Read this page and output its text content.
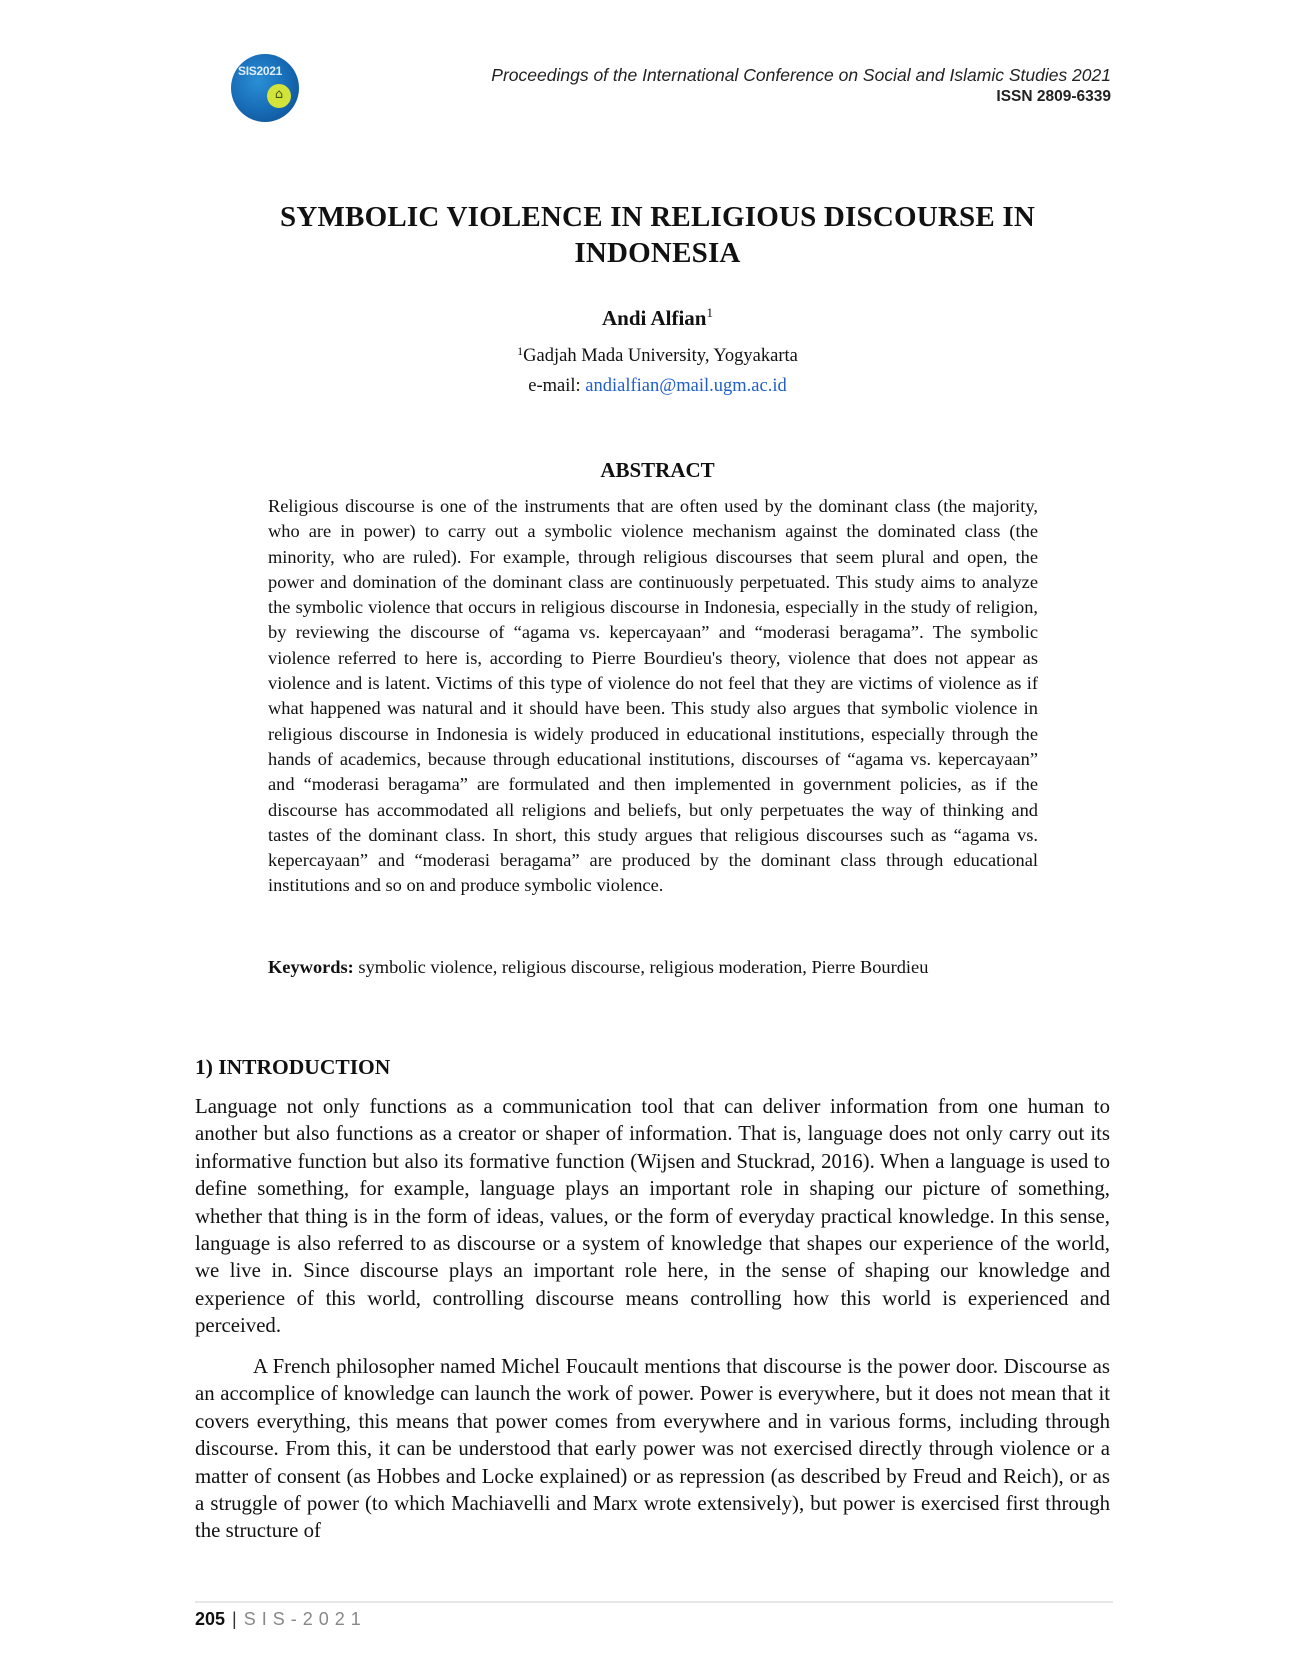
SIS2021
⌂
Proceedings of the International Conference on Social and Islamic Studies 2021
ISSN 2809-6339
SYMBOLIC VIOLENCE IN RELIGIOUS DISCOURSE IN INDONESIA
Andi Alfian$^1$
$^1$Gadjah Mada University, Yogyakarta
e-mail: andialfian@mail.ugm.ac.id
ABSTRACT

Religious discourse is one of the instruments that are often used by the dominant class (the majority, who are in power) to carry out a symbolic violence mechanism against the dominated class (the minority, who are ruled). For example, through religious discourses that seem plural and open, the power and domination of the dominant class are continuously perpetuated. This study aims to analyze the symbolic violence that occurs in religious discourse in Indonesia, especially in the study of religion, by reviewing the discourse of “agama vs. kepercayaan” and “moderasi beragama”. The symbolic violence referred to here is, according to Pierre Bourdieu's theory, violence that does not appear as violence and is latent. Victims of this type of violence do not feel that they are victims of violence as if what happened was natural and it should have been. This study also argues that symbolic violence in religious discourse in Indonesia is widely produced in educational institutions, especially through the hands of academics, because through educational institutions, discourses of “agama vs. kepercayaan” and “moderasi beragama” are formulated and then implemented in government policies, as if the discourse has accommodated all religions and beliefs, but only perpetuates the way of thinking and tastes of the dominant class. In short, this study argues that religious discourses such as “agama vs. kepercayaan” and “moderasi beragama” are produced by the dominant class through educational institutions and so on and produce symbolic violence.

Keywords: symbolic violence, religious discourse, religious moderation, Pierre Bourdieu
1) INTRODUCTION

Language not only functions as a communication tool that can deliver information from one human to another but also functions as a creator or shaper of information. That is, language does not only carry out its informative function but also its formative function (Wijsen and Stuckrad, 2016). When a language is used to define something, for example, language plays an important role in shaping our picture of something, whether that thing is in the form of ideas, values, or the form of everyday practical knowledge. In this sense, language is also referred to as discourse or a system of knowledge that shapes our experience of the world, we live in. Since discourse plays an important role here, in the sense of shaping our knowledge and experience of this world, controlling discourse means controlling how this world is experienced and perceived.

A French philosopher named Michel Foucault mentions that discourse is the power door. Discourse as an accomplice of knowledge can launch the work of power. Power is everywhere, but it does not mean that it covers everything, this means that power comes from everywhere and in various forms, including through discourse. From this, it can be understood that early power was not exercised directly through violence or a matter of consent (as Hobbes and Locke explained) or as repression (as described by Freud and Reich), or as a struggle of power (to which Machiavelli and Marx wrote extensively), but power is exercised first through the structure of

205 | SIS-2021
